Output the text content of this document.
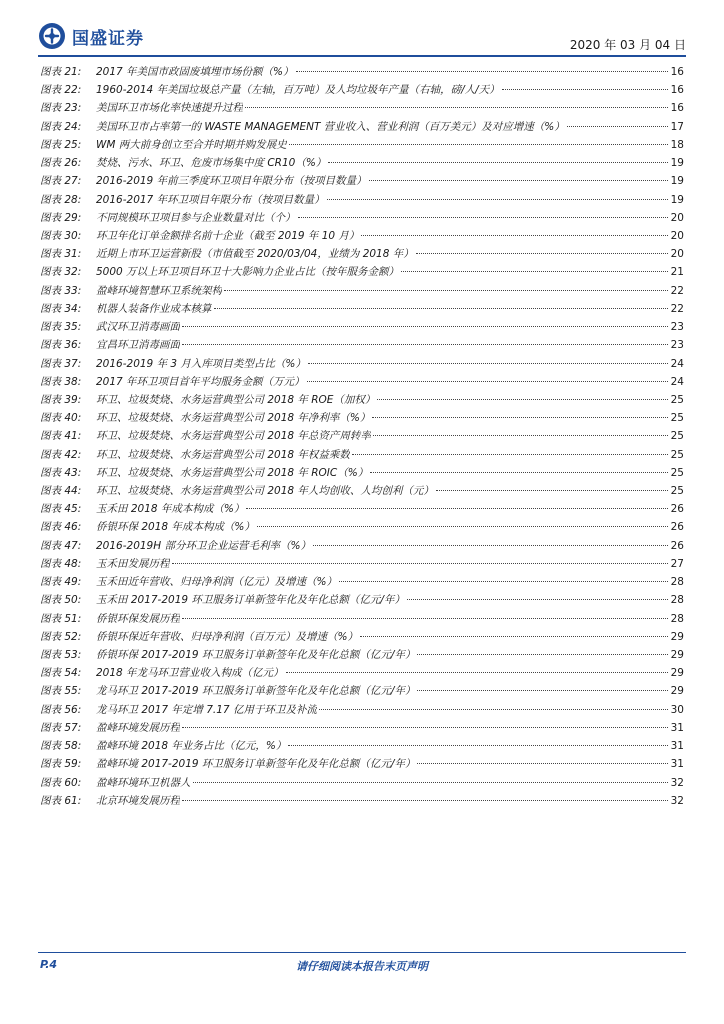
国盛证券	2020 年 03 月 04 日
图表 21:	2017 年美国市政固废填埋市场份额（%）	16
图表 22:	1960-2014 年美国垃圾总产量（左轴，百万吨）及人均垃圾年产量（右轴，磅/人/天）	16
图表 23:	美国环卫市场化率快速提升过程	16
图表 24:	美国环卫市占率第一的 WASTE MANAGEMENT 营业收入、营业利润（百万美元）及对应增速（%）	17
图表 25:	WM 两大前身创立至合并时期并购发展史	18
图表 26:	焚烧、污水、环卫、危废市场集中度 CR10（%）	19
图表 27:	2016-2019 年前三季度环卫项目年限分布（按项目数量）	19
图表 28:	2016-2017 年环卫项目年限分布（按项目数量）	19
图表 29:	不同规模环卫项目参与企业数量对比（个）	20
图表 30:	环卫年化订单金额排名前十企业（截至 2019 年 10 月）	20
图表 31:	近期上市环卫运营新股（市值截至 2020/03/04，业绩为 2018 年）	20
图表 32:	5000 万以上环卫项目环卫十大影响力企业占比（按年服务金额）	21
图表 33:	盈峰环境智慧环卫系统架构	22
图表 34:	机器人装备作业成本核算	22
图表 35:	武汉环卫消毒画面	23
图表 36:	宜昌环卫消毒画面	23
图表 37:	2016-2019 年 3 月入库项目类型占比（%）	24
图表 38:	2017 年环卫项目首年平均服务金额（万元）	24
图表 39:	环卫、垃圾焚烧、水务运营典型公司 2018 年 ROE（加权）	25
图表 40:	环卫、垃圾焚烧、水务运营典型公司 2018 年净利率（%）	25
图表 41:	环卫、垃圾焚烧、水务运营典型公司 2018 年总资产周转率	25
图表 42:	环卫、垃圾焚烧、水务运营典型公司 2018 年权益乘数	25
图表 43:	环卫、垃圾焚烧、水务运营典型公司 2018 年 ROIC（%）	25
图表 44:	环卫、垃圾焚烧、水务运营典型公司 2018 年人均创收、人均创利（元）	25
图表 45:	玉禾田 2018 年成本构成（%）	26
图表 46:	侨银环保 2018 年成本构成（%）	26
图表 47:	2016-2019H 部分环卫企业运营毛利率（%）	26
图表 48:	玉禾田发展历程	27
图表 49:	玉禾田近年营收、归母净利润（亿元）及增速（%）	28
图表 50:	玉禾田 2017-2019 环卫服务订单新签年化及年化总额（亿元/年）	28
图表 51:	侨银环保发展历程	28
图表 52:	侨银环保近年营收、归母净利润（百万元）及增速（%）	29
图表 53:	侨银环保 2017-2019 环卫服务订单新签年化及年化总额（亿元/年）	29
图表 54:	2018 年龙马环卫营业收入构成（亿元）	29
图表 55:	龙马环卫 2017-2019 环卫服务订单新签年化及年化总额（亿元/年）	29
图表 56:	龙马环卫 2017 年定增 7.17 亿用于环卫及补流	30
图表 57:	盈峰环境发展历程	31
图表 58:	盈峰环境 2018 年业务占比（亿元，%）	31
图表 59:	盈峰环境 2017-2019 环卫服务订单新签年化及年化总额（亿元/年）	31
图表 60:	盈峰环境环卫机器人	32
图表 61:	北京环境发展历程	32
P.4	请仔细阅读本报告末页声明
